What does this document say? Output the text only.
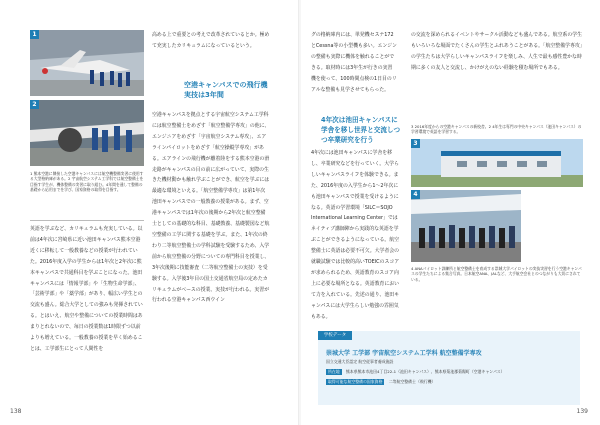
1
2
1 熊本空港に隣接した空港キャンパスには航空機整備実習に使用する大型格納庫がある。2 宇宙航空システム工学科では航空整備士を目指す学生が、機体整備の実習に取り組む。4年間を通して整備の基礎から応用までを学び、国家資格の取得を目指す。
英語を学ぶなど、カリキュラムも充実している。以前は4年次に宮崎県に近い池田キャンパス熊本空港近くに移転して一般教養などの授業が行われていた。2016年度入学の学生からは1年次と2年次に熊本キャンパスで共通科目を学ぶことになった。池田キャンパスには「情報学部」や「生物生命学部」、「芸術学部」や「薬学部」があり、幅広い学生との交流も盛ん。総合大学としての強みも発揮されている。とはいえ、航空や整備についての授業時間はあまりとれないので、毎日の授業数は1時限ずつ以前よりも増えている。一般教養の授業を早く始めることは、工学部生にとって人間性を
高める上で重要との考えで改革されているとか。極めて充実したカリキュラムになっているという。
空港キャンパスでの飛行機実技は3年間
空港キャンパスを拠点とする宇宙航空システム工学科には航空整備士をめざす「航空整備学専攻」の他に、エンジニアをめざす「宇宙航空システム専攻」、エアラインパイロットをめざす「航空操縦学専攻」がある。エアラインの飛行機が離着陸をする熊本空港の滑走路がキャンパスの目の前に広がっていて、実際の生きた機材動かも触れ学ぶことができ、航空を学ぶには最適な環境といえる。「航空整備学専攻」は第1年次池田キャンパスでの一般教養の授業がある。まず、空港キャンパスでは1年次の後期から2年次と航空整備士としての基礎的な科目、基礎教養、基礎製図など航空整備の工学に関する基礎を学ぶ。また、1年次の終わり二等航空整備士の学科試験を受験するため、入学前から航空整備の分野についての専門科目を授業し、3年次後期に技能審査（二等航空整備士の実技）を受験する。入学後3年目の国土交通省航空局の定めたカリキュラムがベースの授業、実技が行われる。実習が行われる空港キャンパス西ウイン
138
グの格納庫内には、単発機セスナ172とCessna等の小型機も多い。エンジンの整備も実際に機体を触れることができる。取材時には3年生が行きの実習機を使って、100時間点検の1日目のリアルな整備も見学させてもらった。
4年次は池田キャンパスに学舎を移し世界と交流しつつ卒業研究を行う
4年次には池田キャンパスに学舎を移し、卒業研究などを行っていく。大学らしいキャンパスライフを体験できる。また、2016年度の入学生から1〜2年次にも池田キャンパスで授業を受けるようになる。英語の学習環境「SILC＝SOJO International Learning Center」ではネイティブ講師陣から実践的な英語を学ぶことができるようになっている。航空整備士に英語は必要不可欠。大学者会の就職試験では比較的高いTOEICのスコアが求められるため、英語教育のスコア向上に必要な場所となる。英語教育において力を入れている。先述の通り、池田キャンパスには大学生らしい勉強の雰囲気もある。
の交流を深められるイベントやサークル活動なども盛んである。航空系の学生もいろいろな場面でたくさんの学生とふれあうことがある。「航空整備学専攻」の学生たちは大学らしいキャンパスライフを楽しみ、人生で最も感性豊かな時期に多くの友人と交流し、かけがえのない経験を積む場所でもある。
3 2016年度からの空港キャンパスの新校舎。2 4年生は専門の中央キャンパス（池田キャンパス）の学習環境で英語を学習する。
3
4
4 ANAパイロット訓練所と航空整備士を育成する崇城大学パイロットの実技実習を行う空港キャンパスの学生たちによる集合写真。日本航空ANA、JALなど、大手航空会社とのつながりも大切にされている。
139
学校データ
崇城大学 工学部 宇宙航空システム工学科 航空整備学専攻
国立交通大臣認定 航空従事者養成施設
所在地 熊本県熊本市池田4丁目22-1（池田キャンパス）、熊本県菊池郡菊陽町（空港キャンパス）
取得可能な航空整備の国家資格 二等航空整備士（飛行機）
